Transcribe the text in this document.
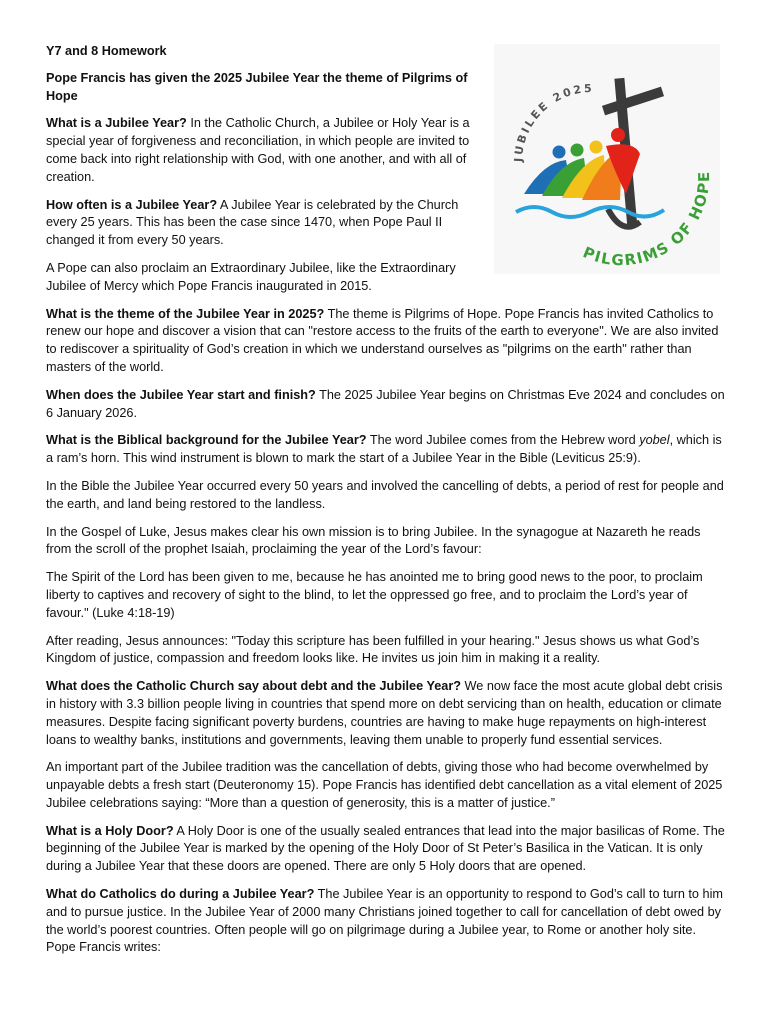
JUBILEE 2025
PILGRIMS OF HOPE

Y7 and 8 Homework

Pope Francis has given the 2025 Jubilee Year the theme of Pilgrims of Hope

What is a Jubilee Year? In the Catholic Church, a Jubilee or Holy Year is a special year of forgiveness and reconciliation, in which people are invited to come back into right relationship with God, with one another, and with all of creation.

How often is a Jubilee Year? A Jubilee Year is celebrated by the Church every 25 years. This has been the case since 1470, when Pope Paul II changed it from every 50 years.

A Pope can also proclaim an Extraordinary Jubilee, like the Extraordinary Jubilee of Mercy which Pope Francis inaugurated in 2015.

What is the theme of the Jubilee Year in 2025? The theme is Pilgrims of Hope. Pope Francis has invited Catholics to renew our hope and discover a vision that can "restore access to the fruits of the earth to everyone". We are also invited to rediscover a spirituality of God’s creation in which we understand ourselves as "pilgrims on the earth" rather than masters of the world.

When does the Jubilee Year start and finish? The 2025 Jubilee Year begins on Christmas Eve 2024 and concludes on 6 January 2026.

What is the Biblical background for the Jubilee Year? The word Jubilee comes from the Hebrew word yobel, which is a ram’s horn. This wind instrument is blown to mark the start of a Jubilee Year in the Bible (Leviticus 25:9).

In the Bible the Jubilee Year occurred every 50 years and involved the cancelling of debts, a period of rest for people and the earth, and land being restored to the landless.

In the Gospel of Luke, Jesus makes clear his own mission is to bring Jubilee. In the synagogue at Nazareth he reads from the scroll of the prophet Isaiah, proclaiming the year of the Lord’s favour:

The Spirit of the Lord has been given to me, because he has anointed me to bring good news to the poor, to proclaim liberty to captives and recovery of sight to the blind, to let the oppressed go free, and to proclaim the Lord’s year of favour." (Luke 4:18-19)

After reading, Jesus announces: "Today this scripture has been fulfilled in your hearing." Jesus shows us what God’s Kingdom of justice, compassion and freedom looks like. He invites us join him in making it a reality.

What does the Catholic Church say about debt and the Jubilee Year? We now face the most acute global debt crisis in history with 3.3 billion people living in countries that spend more on debt servicing than on health, education or climate measures. Despite facing significant poverty burdens, countries are having to make huge repayments on high-interest loans to wealthy banks, institutions and governments, leaving them unable to properly fund essential services.

An important part of the Jubilee tradition was the cancellation of debts, giving those who had become overwhelmed by unpayable debts a fresh start (Deuteronomy 15). Pope Francis has identified debt cancellation as a vital element of 2025 Jubilee celebrations saying: “More than a question of generosity, this is a matter of justice.”

What is a Holy Door? A Holy Door is one of the usually sealed entrances that lead into the major basilicas of Rome. The beginning of the Jubilee Year is marked by the opening of the Holy Door of St Peter’s Basilica in the Vatican. It is only during a Jubilee Year that these doors are opened. There are only 5 Holy doors that are opened.

What do Catholics do during a Jubilee Year? The Jubilee Year is an opportunity to respond to God’s call to turn to him and to pursue justice. In the Jubilee Year of 2000 many Christians joined together to call for cancellation of debt owed by the world’s poorest countries. Often people will go on pilgrimage during a Jubilee year, to Rome or another holy site. Pope Francis writes:
